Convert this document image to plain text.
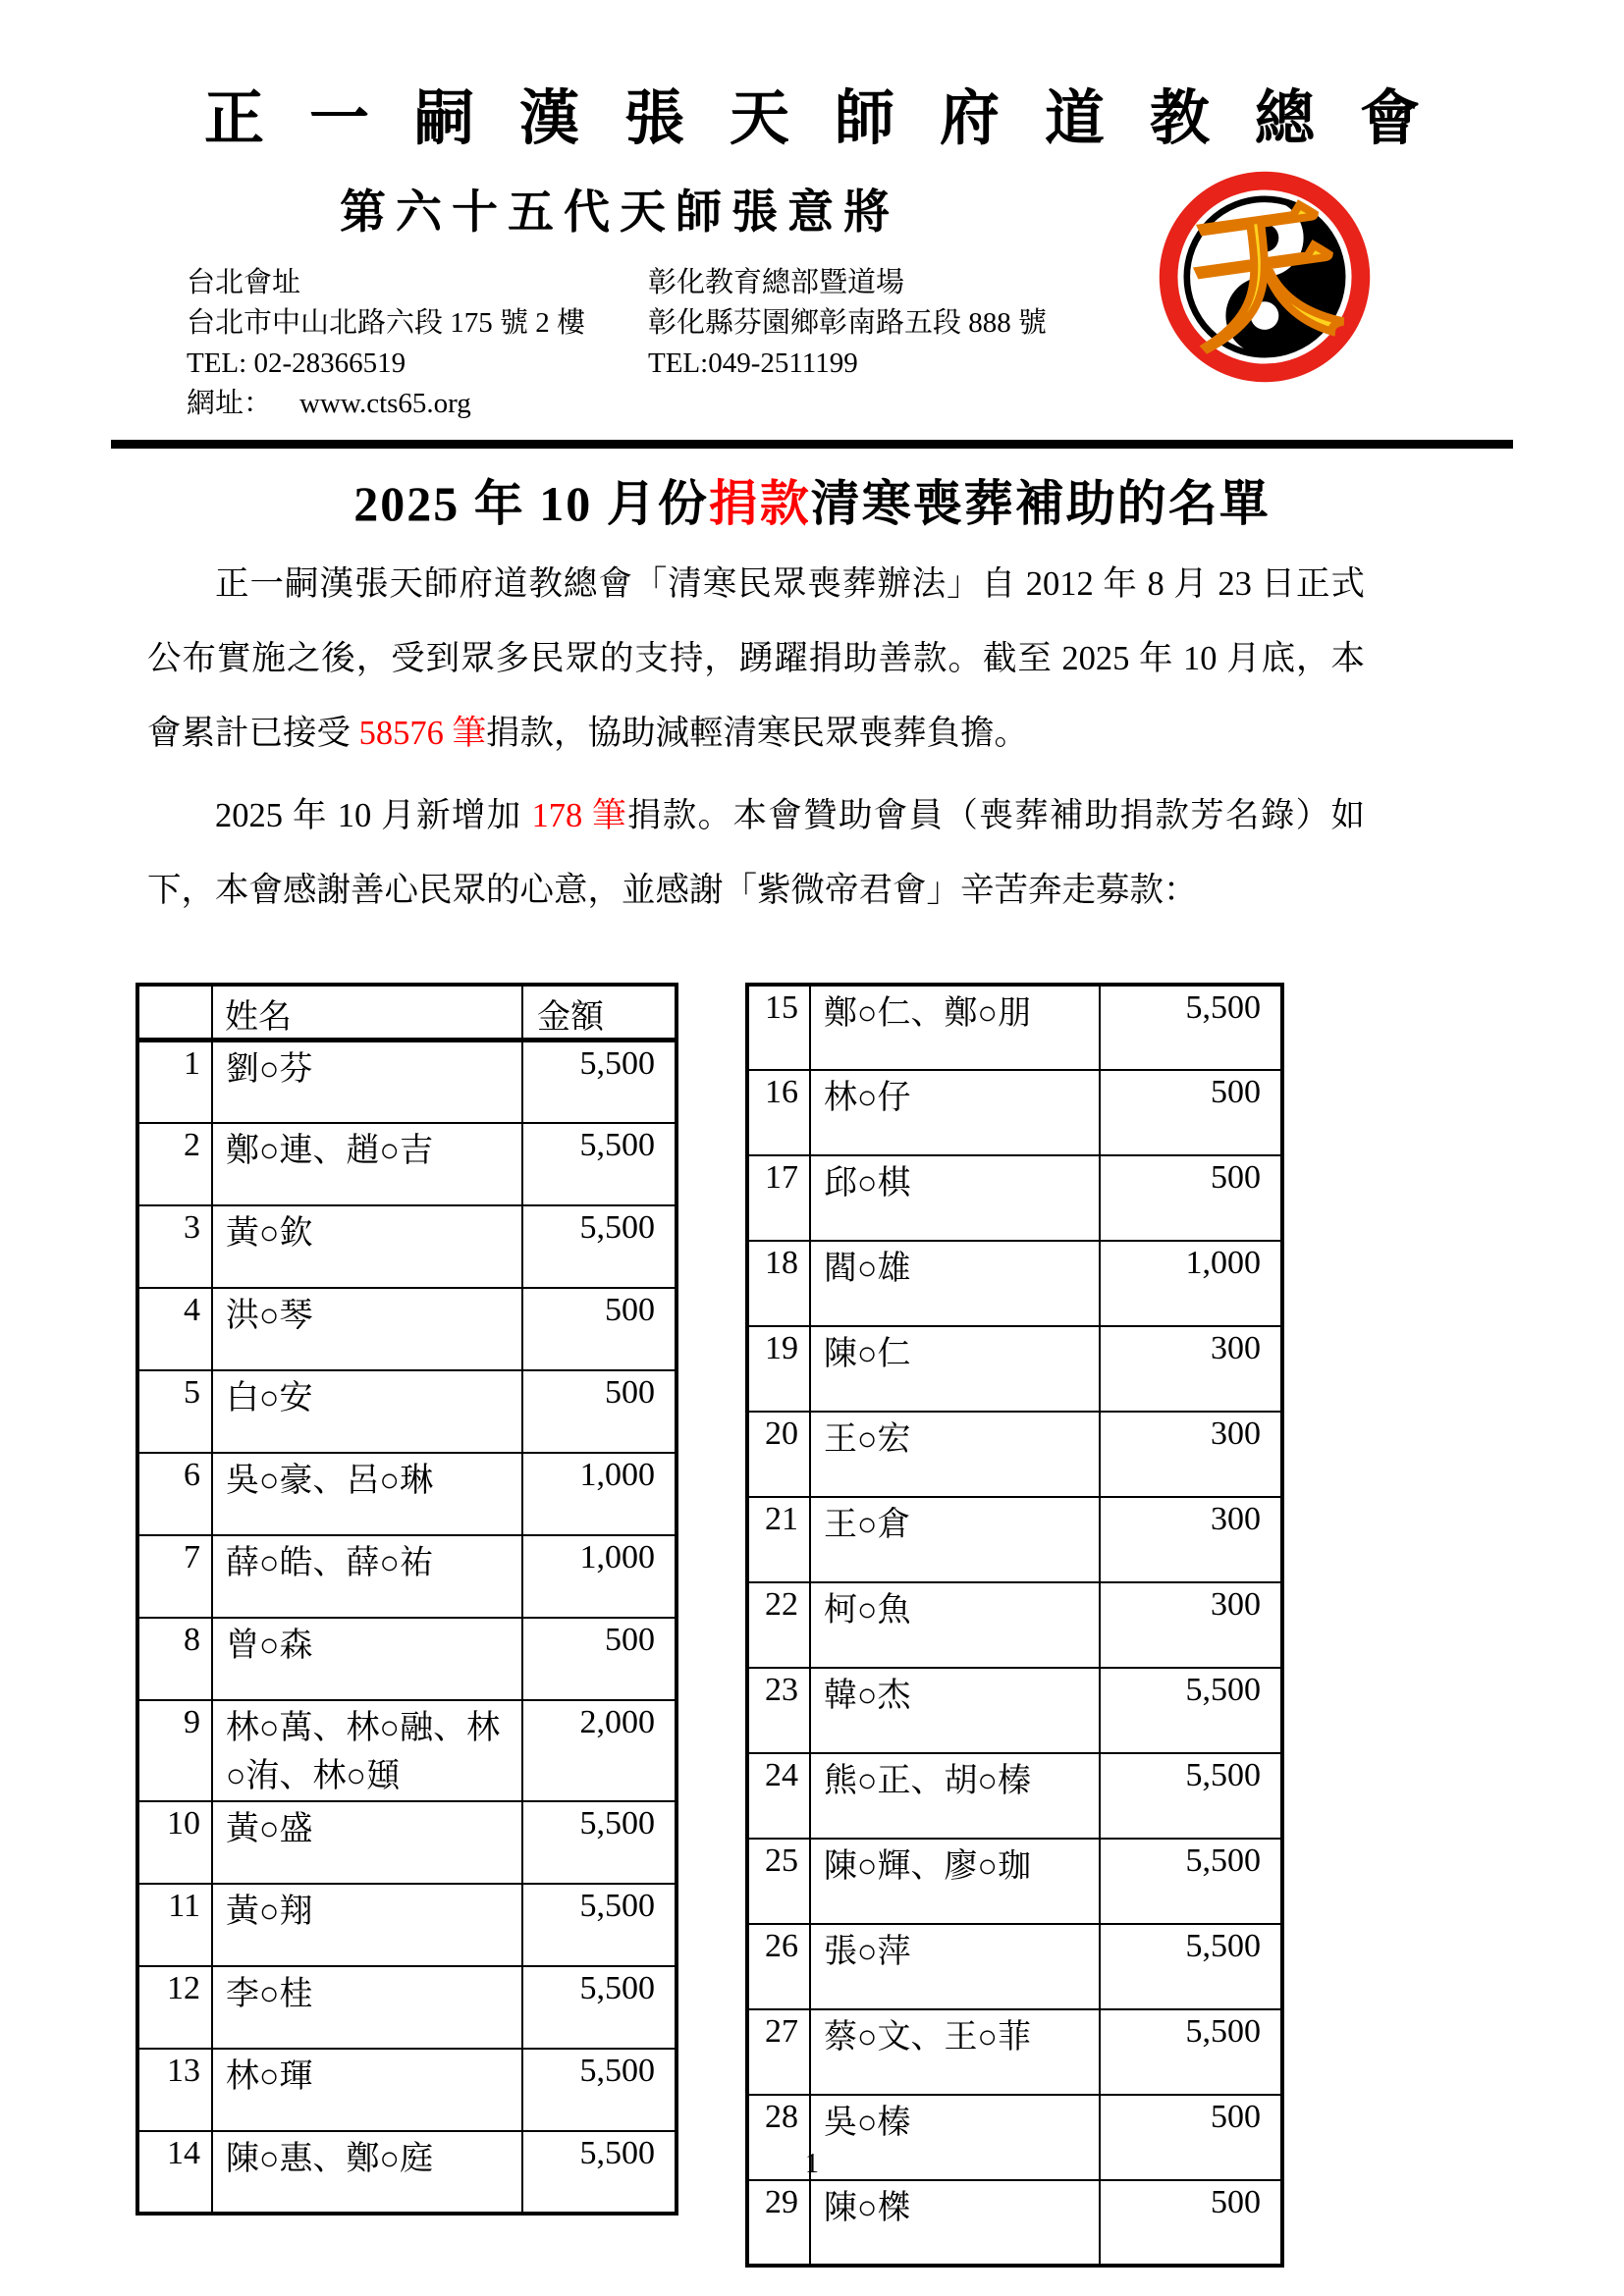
正一嗣漢張天師府道教總會
第六十五代天師張意將
台北會址
台北市中山北路六段 175 號 2 樓
TEL: 02-28366519
網址： www.cts65.org
彰化教育總部暨道場
彰化縣芬園鄉彰南路五段 888 號
TEL:049-2511199	天
2025 年 10 月份捐款清寒喪葬補助的名單

正一嗣漢張天師府道教總會「清寒民眾喪葬辦法」自 2012 年 8 月 23 日正式公布實施之後，受到眾多民眾的支持，踴躍捐助善款。截至 2025 年 10 月底，本會累計已接受 58576 筆捐款，協助減輕清寒民眾喪葬負擔。

2025 年 10 月新增加 178 筆捐款。本會贊助會員（喪葬補助捐款芳名錄）如下，本會感謝善心民眾的心意，並感謝「紫微帝君會」辛苦奔走募款：

	姓名	金額
1	劉○芬	5,500
2	鄭○連、趙○吉	5,500
3	黃○欽	5,500
4	洪○琴	500
5	白○安	500
6	吳○豪、呂○琳	1,000
7	薛○皓、薛○祐	1,000
8	曾○森	500
9	林○萬、林○融、林○洧、林○頲	2,000
10	黃○盛	5,500
11	黃○翔	5,500
12	李○桂	5,500
13	林○琿	5,500
14	陳○惠、鄭○庭	5,500
15	鄭○仁、鄭○朋	5,500
16	林○仔	500
17	邱○棋	500
18	閻○雄	1,000
19	陳○仁	300
20	王○宏	300
21	王○倉	300
22	柯○魚	300
23	韓○杰	5,500
24	熊○正、胡○榛	5,500
25	陳○輝、廖○珈	5,500
26	張○萍	5,500
27	蔡○文、王○菲	5,500
28	吳○榛	500
29	陳○榤	500
1
